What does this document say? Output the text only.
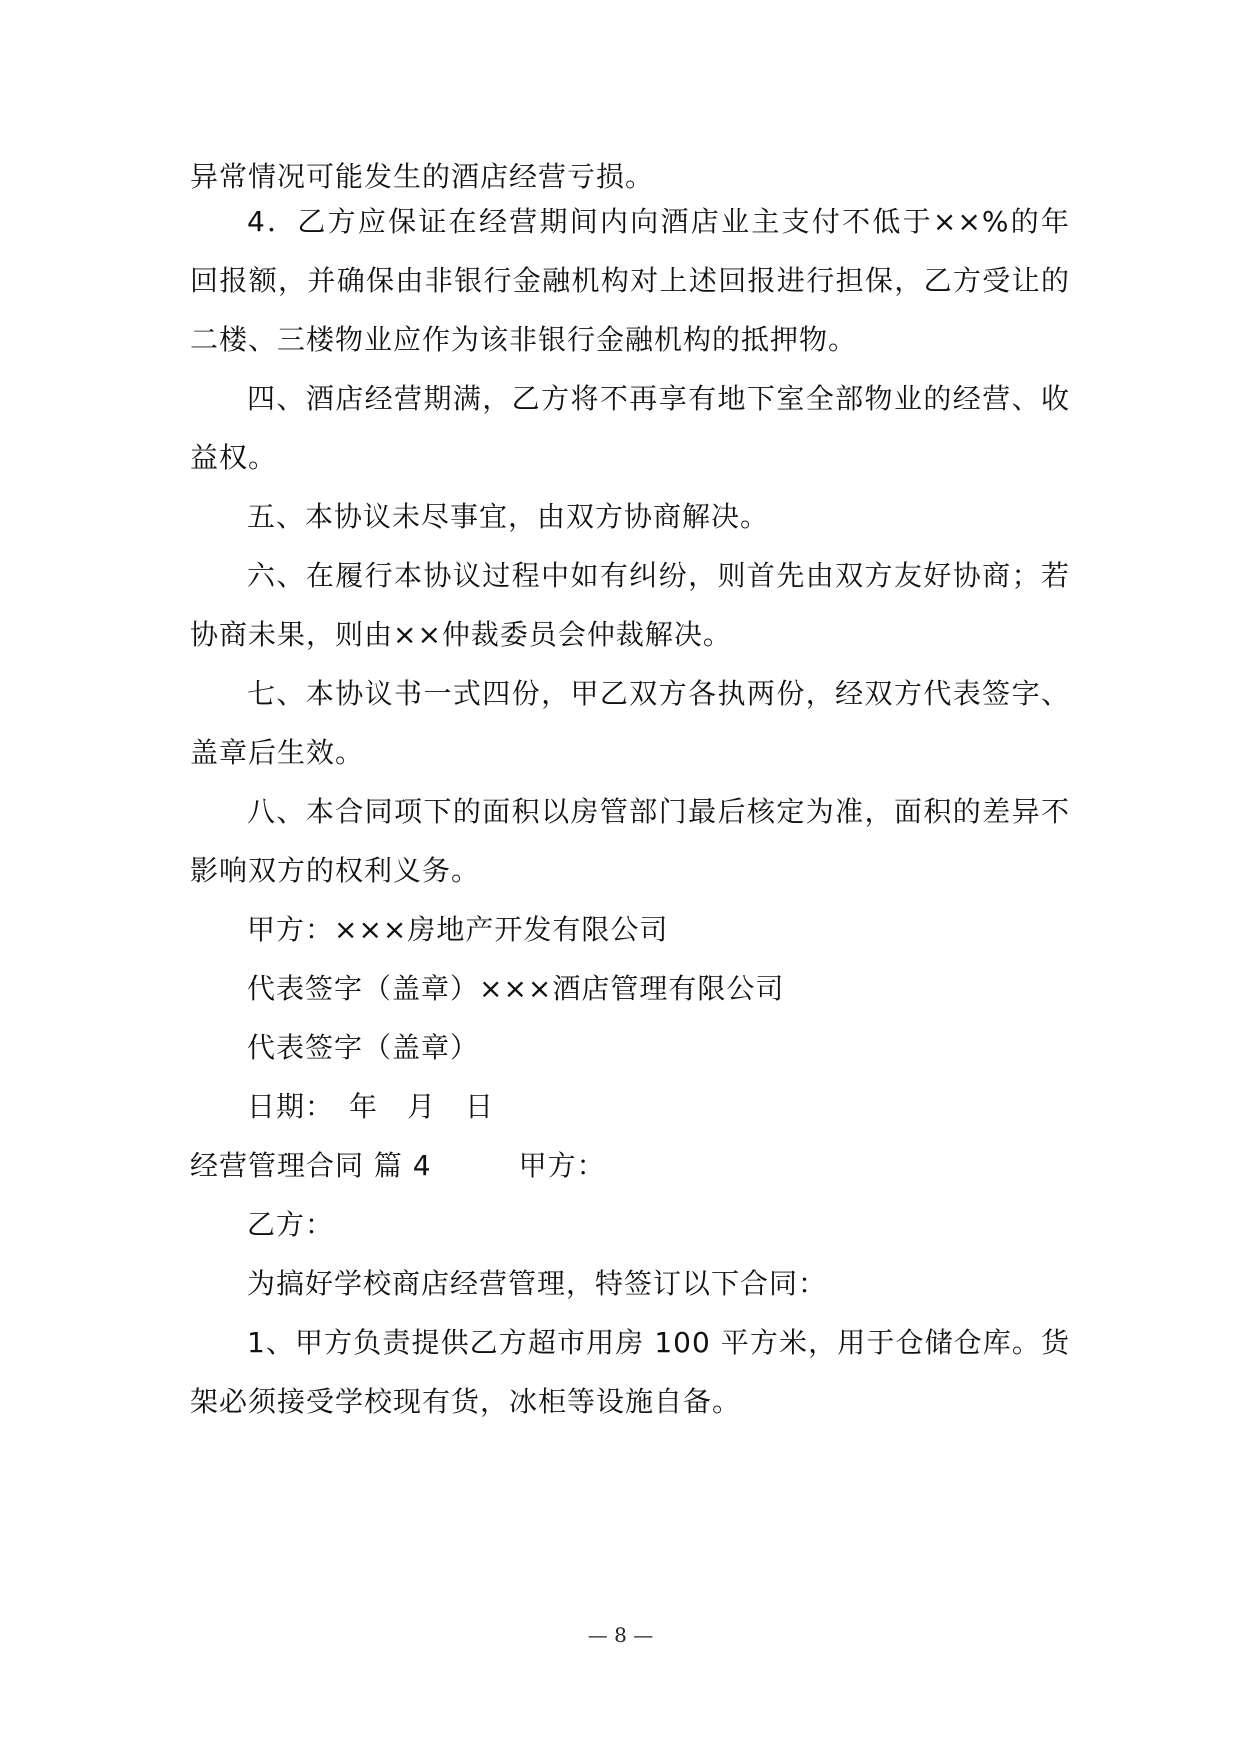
异常情况可能发生的酒店经营亏损。
4．乙方应保证在经营期间内向酒店业主支付不低于××%的年
回报额，并确保由非银行金融机构对上述回报进行担保，乙方受让的
二楼、三楼物业应作为该非银行金融机构的抵押物。
四、酒店经营期满，乙方将不再享有地下室全部物业的经营、收
益权。
五、本协议未尽事宜，由双方协商解决。
六、在履行本协议过程中如有纠纷，则首先由双方友好协商；若
协商未果，则由××仲裁委员会仲裁解决。
七、本协议书一式四份，甲乙双方各执两份，经双方代表签字、
盖章后生效。
八、本合同项下的面积以房管部门最后核定为准，面积的差异不
影响双方的权利义务。
甲方：×××房地产开发有限公司
代表签字（盖章）×××酒店管理有限公司
代表签字（盖章）
日期：　年　月　日
经营管理合同 篇 4　　　甲方：
乙方：
为搞好学校商店经营管理，特签订以下合同：
1、甲方负责提供乙方超市用房 100 平方米，用于仓储仓库。货
架必须接受学校现有货，冰柜等设施自备。
— 8 —
